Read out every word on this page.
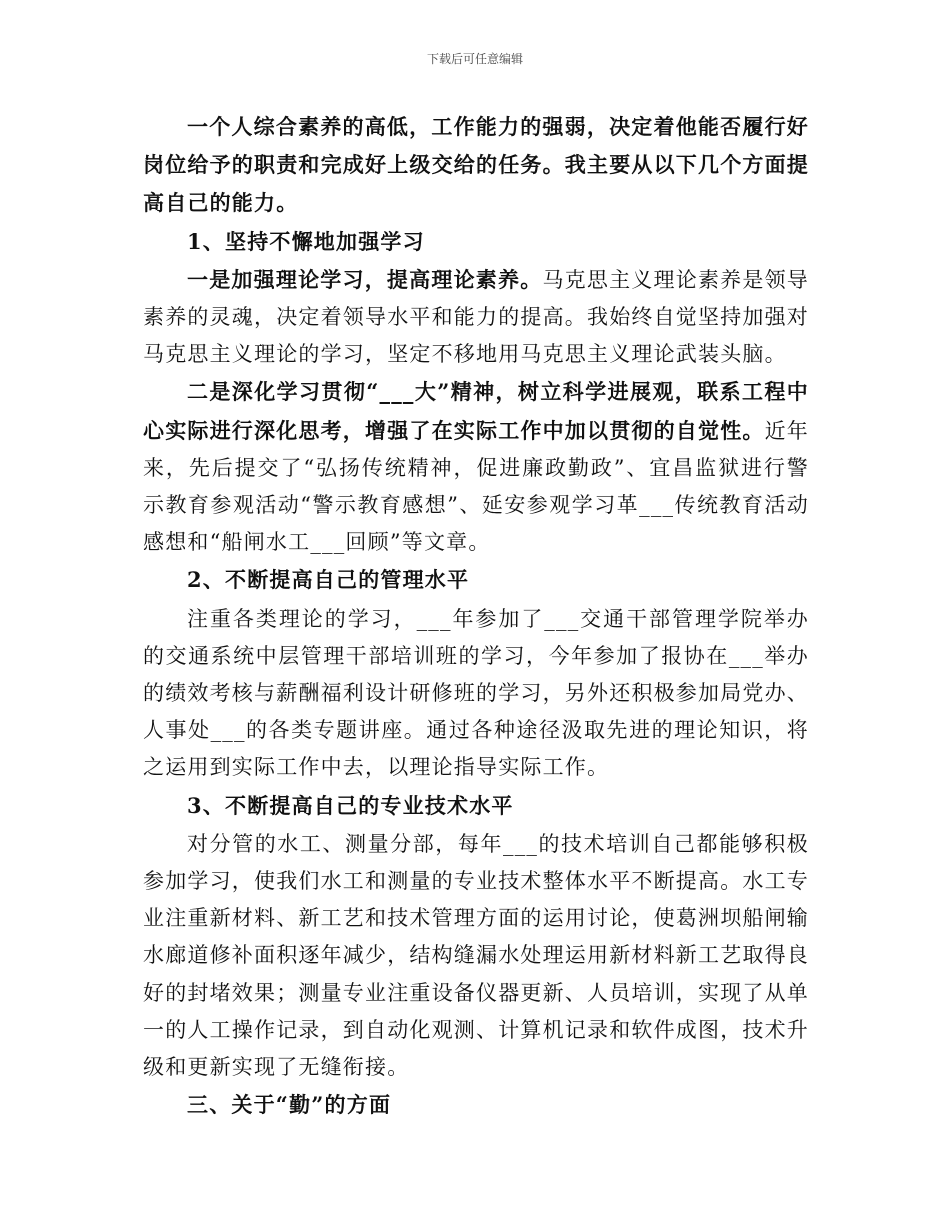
下载后可任意编辑

一个人综合素养的高低，工作能力的强弱，决定着他能否履行好岗位给予的职责和完成好上级交给的任务。我主要从以下几个方面提高自己的能力。

1、坚持不懈地加强学习

一是加强理论学习，提高理论素养。马克思主义理论素养是领导素养的灵魂，决定着领导水平和能力的提高。我始终自觉坚持加强对马克思主义理论的学习，坚定不移地用马克思主义理论武装头脑。

二是深化学习贯彻“___大”精神，树立科学进展观，联系工程中心实际进行深化思考，增强了在实际工作中加以贯彻的自觉性。近年来，先后提交了“弘扬传统精神，促进廉政勤政”、宜昌监狱进行警示教育参观活动“警示教育感想”、延安参观学习革___传统教育活动感想和“船闸水工___回顾”等文章。

2、不断提高自己的管理水平

注重各类理论的学习，___年参加了___交通干部管理学院举办的交通系统中层管理干部培训班的学习，今年参加了报协在___举办的绩效考核与薪酬福利设计研修班的学习，另外还积极参加局党办、人事处___的各类专题讲座。通过各种途径汲取先进的理论知识，将之运用到实际工作中去，以理论指导实际工作。

3、不断提高自己的专业技术水平

对分管的水工、测量分部，每年___的技术培训自己都能够积极参加学习，使我们水工和测量的专业技术整体水平不断提高。水工专业注重新材料、新工艺和技术管理方面的运用讨论，使葛洲坝船闸输水廊道修补面积逐年减少，结构缝漏水处理运用新材料新工艺取得良好的封堵效果；测量专业注重设备仪器更新、人员培训，实现了从单一的人工操作记录，到自动化观测、计算机记录和软件成图，技术升级和更新实现了无缝衔接。

三、关于“勤”的方面
